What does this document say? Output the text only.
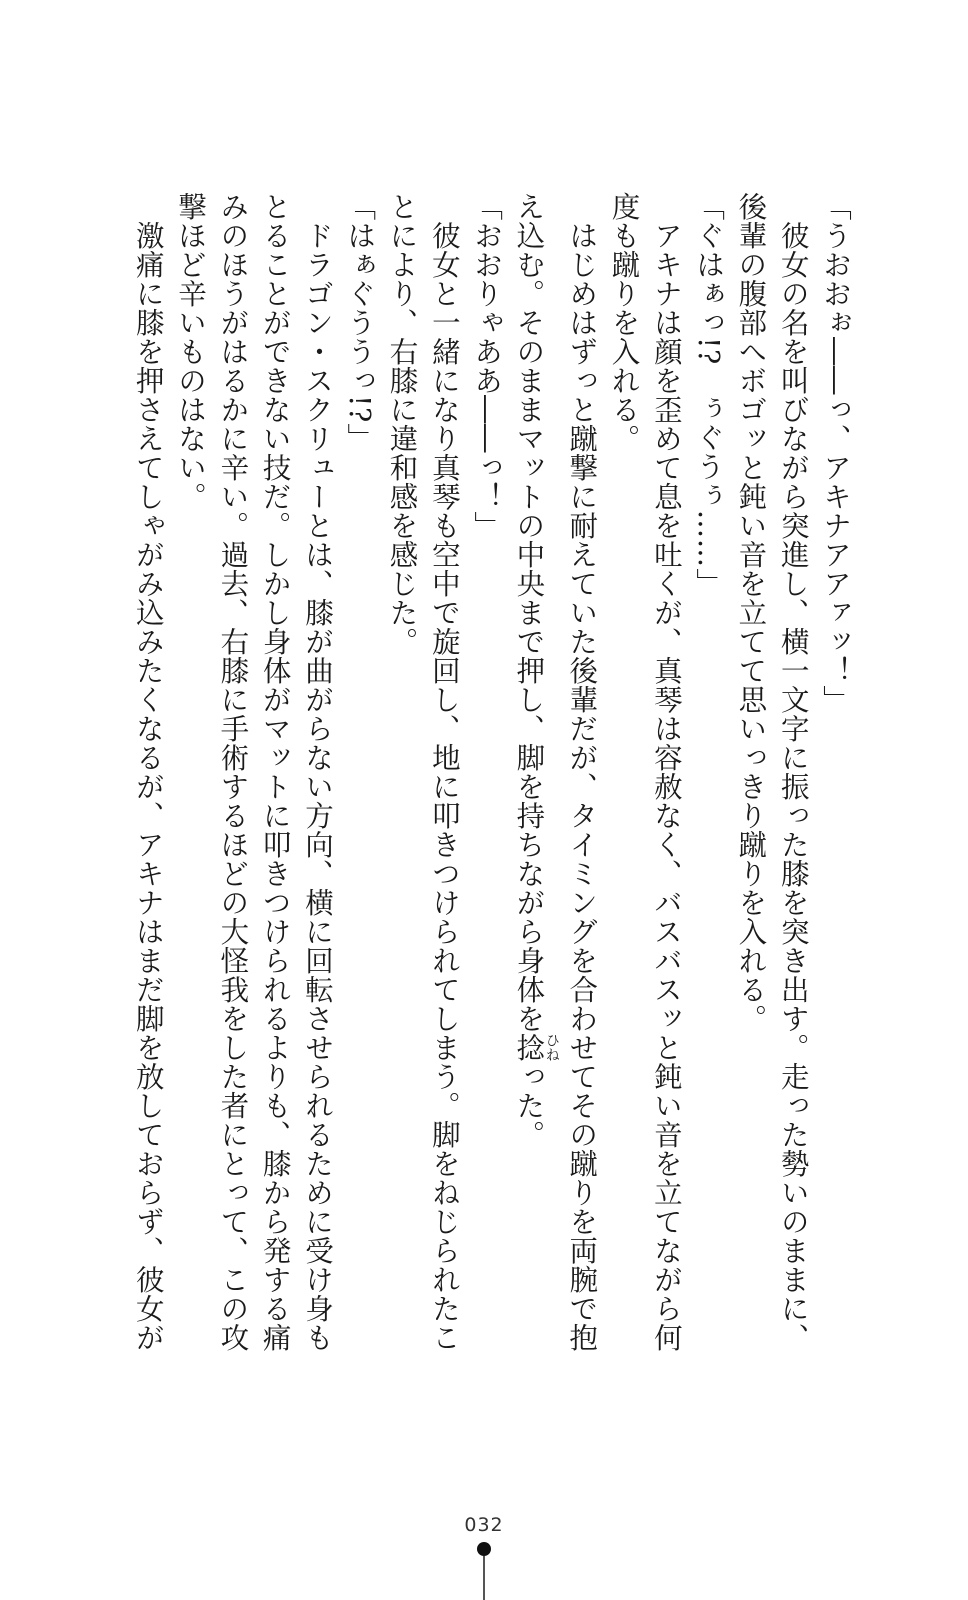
「うおおぉ――っ、アキナアアァッ！」
　彼女の名を叫びながら突進し、横一文字に振った膝を突き出す。走った勢いのままに、
後輩の腹部へボゴッと鈍い音を立てて思いっきり蹴りを入れる。
「ぐはぁっ!?　ぅぐうぅ……」
　アキナは顔を歪めて息を吐くが、真琴は容赦なく、バスバスッと鈍い音を立てながら何
度も蹴りを入れる。
　はじめはずっと蹴撃に耐えていた後輩だが、タイミングを合わせてその蹴りを両腕で抱
え込む。そのままマットの中央まで押し、脚を持ちながら身体を捻ひねった。
「おおりゃああ――っ！」
　彼女と一緒になり真琴も空中で旋回し、地に叩きつけられてしまう。脚をねじられたこ
とにより、右膝に違和感を感じた。
「はぁぐううっ!?」
　ドラゴン・スクリューとは、膝が曲がらない方向、横に回転させられるために受け身も
とることができない技だ。しかし身体がマットに叩きつけられるよりも、膝から発する痛
みのほうがはるかに辛い。過去、右膝に手術するほどの大怪我をした者にとって、この攻
撃ほど辛いものはない。
　激痛に膝を押さえてしゃがみ込みたくなるが、アキナはまだ脚を放しておらず、彼女が
032
